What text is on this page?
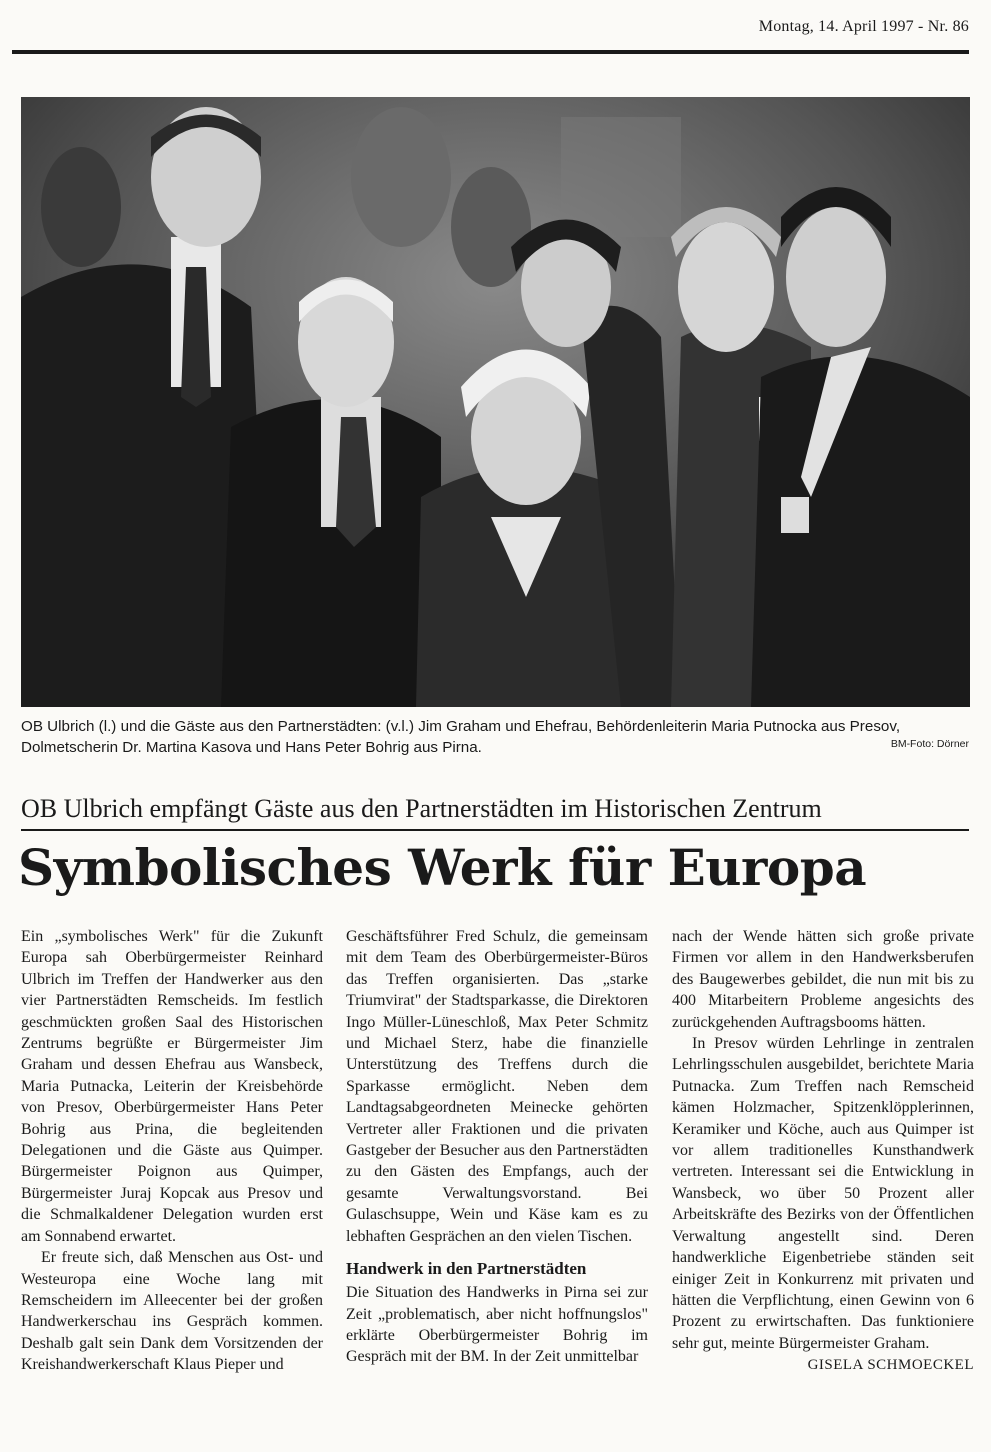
Montag, 14. April 1997 - Nr. 86
OB Ulbrich (l.) und die Gäste aus den Partnerstädten: (v.l.) Jim Graham und Ehefrau, Behördenleiterin Maria Putnocka aus Presov, Dolmetscherin Dr. Martina Kasova und Hans Peter Bohrig aus Pirna.	BM-Foto: Dörner
OB Ulbrich empfängt Gäste aus den Partnerstädten im Historischen Zentrum
Symbolisches Werk für Europa

Ein „symbolisches Werk" für die Zukunft Europa sah Oberbürgermeister Reinhard Ulbrich im Treffen der Handwerker aus den vier Partnerstädten Remscheids. Im festlich geschmückten großen Saal des Historischen Zentrums begrüßte er Bürgermeister Jim Graham und dessen Ehefrau aus Wansbeck, Maria Putnacka, Leiterin der Kreisbehörde von Presov, Oberbürgermeister Hans Peter Bohrig aus Prina, die begleitenden Delegationen und die Gäste aus Quimper. Bürgermeister Poignon aus Quimper, Bürgermeister Juraj Kopcak aus Presov und die Schmalkaldener Delegation wurden erst am Sonnabend erwartet.

Er freute sich, daß Menschen aus Ost- und Westeuropa eine Woche lang mit Remscheidern im Alleecenter bei der großen Handwerkerschau ins Gespräch kommen. Deshalb galt sein Dank dem Vorsitzenden der Kreishandwerkerschaft Klaus Pieper und

Geschäftsführer Fred Schulz, die gemeinsam mit dem Team des Oberbürgermeister-Büros das Treffen organisierten. Das „starke Triumvirat" der Stadtsparkasse, die Direktoren Ingo Müller-Lüneschloß, Max Peter Schmitz und Michael Sterz, habe die finanzielle Unterstützung des Treffens durch die Sparkasse ermöglicht. Neben dem Landtagsabgeordneten Meinecke gehörten Vertreter aller Fraktionen und die privaten Gastgeber der Besucher aus den Partnerstädten zu den Gästen des Empfangs, auch der gesamte Verwaltungsvorstand. Bei Gulaschsuppe, Wein und Käse kam es zu lebhaften Gesprächen an den vielen Tischen.

Handwerk in den Partnerstädten

Die Situation des Handwerks in Pirna sei zur Zeit „problematisch, aber nicht hoffnungslos" erklärte Oberbürgermeister Bohrig im Gespräch mit der BM. In der Zeit unmittelbar

nach der Wende hätten sich große private Firmen vor allem in den Handwerksberufen des Baugewerbes gebildet, die nun mit bis zu 400 Mitarbeitern Probleme angesichts des zurückgehenden Auftragsbooms hätten.

In Presov würden Lehrlinge in zentralen Lehrlingsschulen ausgebildet, berichtete Maria Putnacka. Zum Treffen nach Remscheid kämen Holzmacher, Spitzenklöpplerinnen, Keramiker und Köche, auch aus Quimper ist vor allem traditionelles Kunsthandwerk vertreten. Interessant sei die Entwicklung in Wansbeck, wo über 50 Prozent aller Arbeitskräfte des Bezirks von der Öffentlichen Verwaltung angestellt sind. Deren handwerkliche Eigenbetriebe ständen seit einiger Zeit in Konkurrenz mit privaten und hätten die Verpflichtung, einen Gewinn von 6 Prozent zu erwirtschaften. Das funktioniere sehr gut, meinte Bürgermeister Graham.

GISELA SCHMOECKEL
